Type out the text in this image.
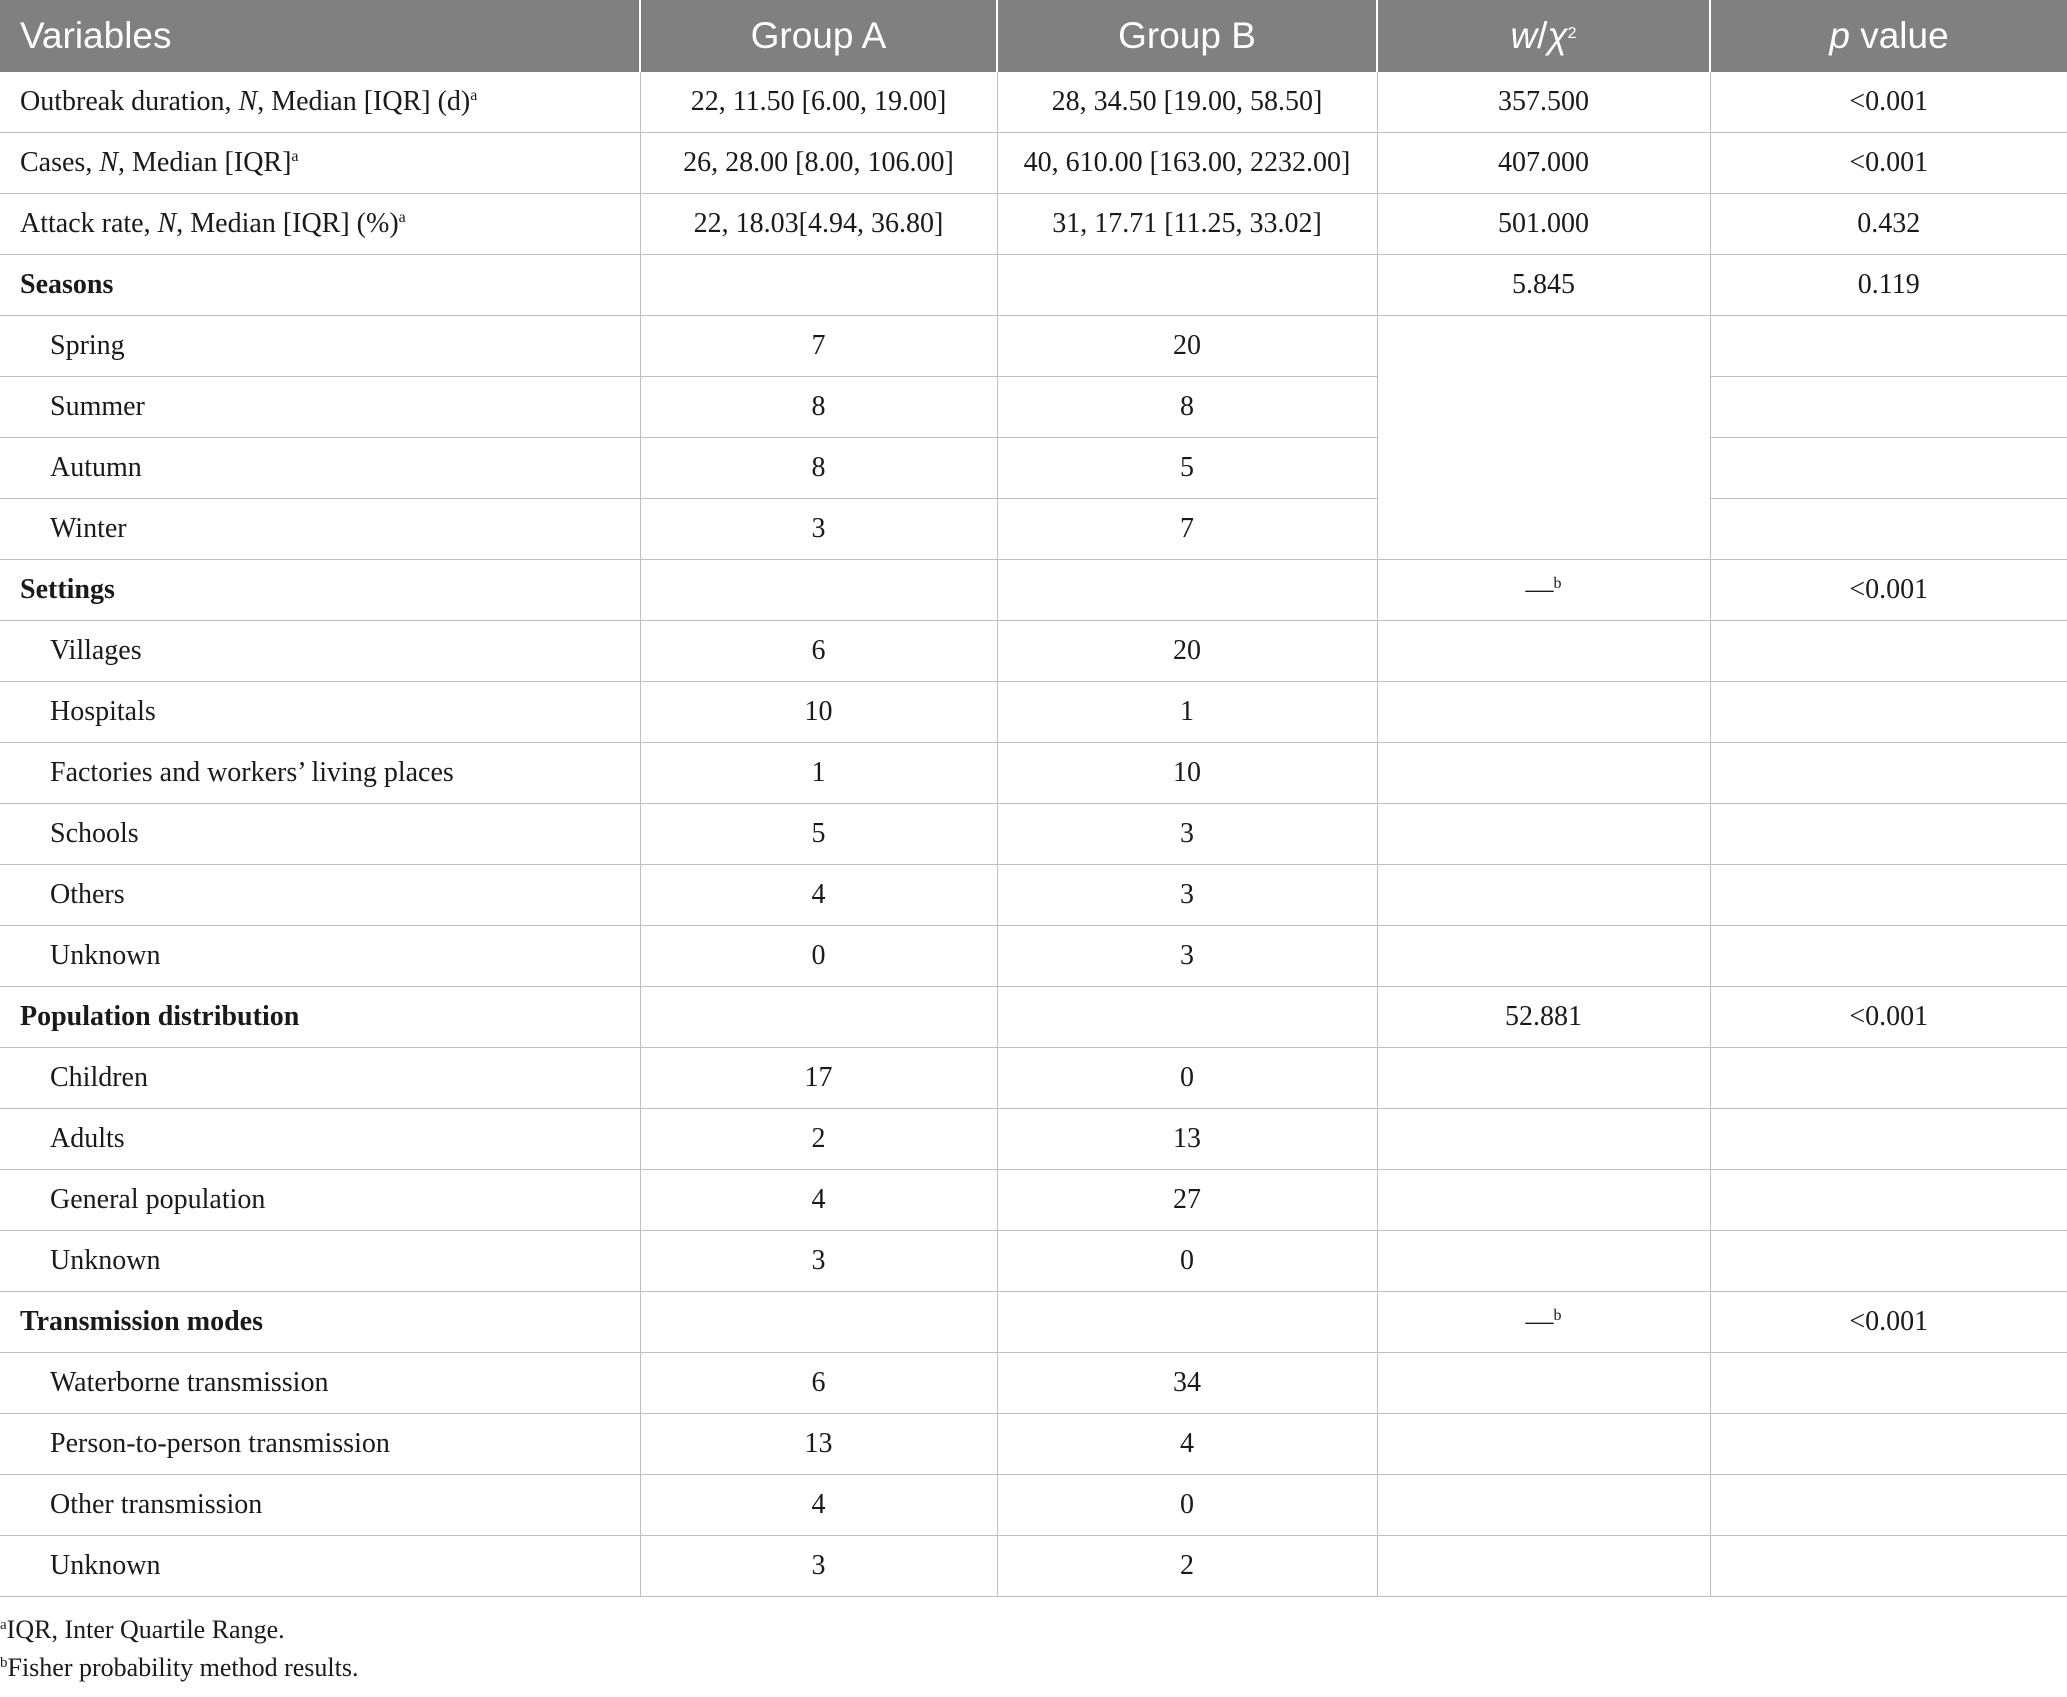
Variables	Group A	Group B	$w/\chi^2$	p value
Outbreak duration, N, Median [IQR] $(d)^a$	22, 11.50 [6.00, 19.00]	28, 34.50 [19.00, 58.50]	357.500	<0.001
Cases, N, Median [IQR]$^a$	26, 28.00 [8.00, 106.00]	40, 610.00 [163.00, 2232.00]	407.000	<0.001
Attack rate, N, Median [IQR] (%)$^a$	22, 18.03[4.94, 36.80]	31, 17.71 [11.25, 33.02]	501.000	0.432
Seasons			5.845	0.119
Spring	7	20		
Summer	8	8		
Autumn	8	5		
Winter	3	7		
Settings			—$^b$	<0.001
Villages	6	20		
Hospitals	10	1		
Factories and workers’ living places	1	10		
Schools	5	3		
Others	4	3		
Unknown	0	3		
Population distribution			52.881	<0.001
Children	17	0		
Adults	2	13		
General population	4	27		
Unknown	3	0		
Transmission modes			—$^b$	<0.001
Waterborne transmission	6	34		
Person-to-person transmission	13	4		
Other transmission	4	0		
Unknown	3	2		
$^a$IQR, Inter Quartile Range.
$^b$Fisher probability method results.
